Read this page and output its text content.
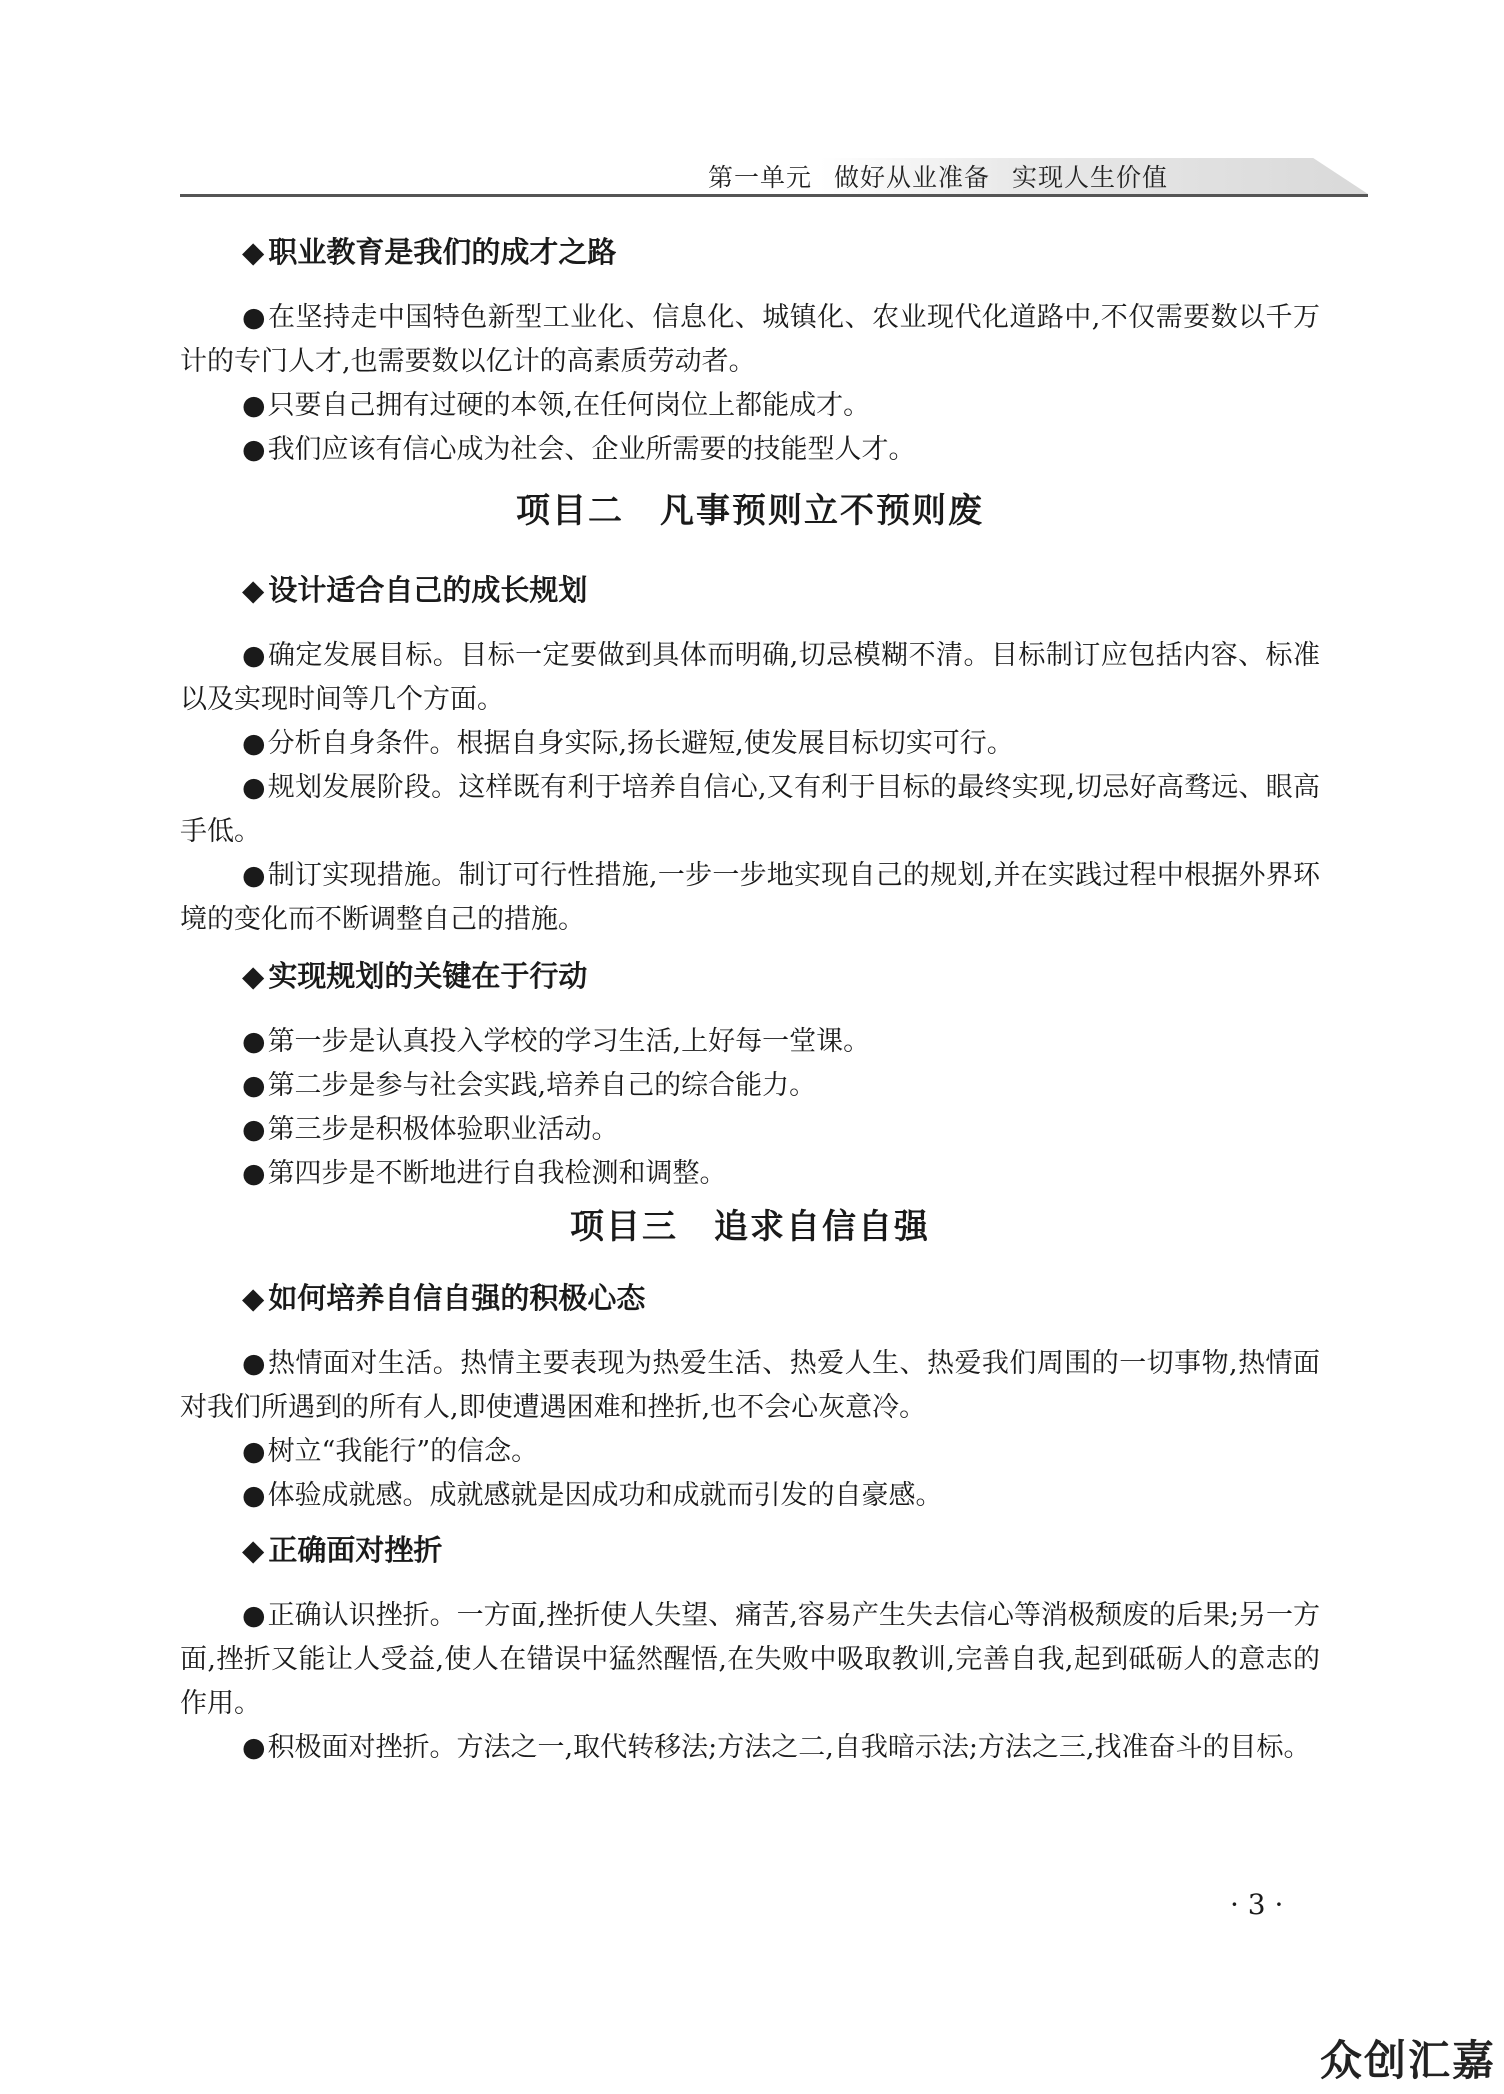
第一单元 做好从业准备 实现人生价值
◆ 职业教育是我们的成才之路

●在坚持走中国特色新型工业化、信息化、城镇化、农业现代化道路中,不仅需要数以千万计的专门人才,也需要数以亿计的高素质劳动者。

●只要自己拥有过硬的本领,在任何岗位上都能成才。

●我们应该有信心成为社会、企业所需要的技能型人才。

项目二 凡事预则立不预则废
◆ 设计适合自己的成长规划

●确定发展目标。目标一定要做到具体而明确,切忌模糊不清。目标制订应包括内容、标准以及实现时间等几个方面。

●分析自身条件。根据自身实际,扬长避短,使发展目标切实可行。

●规划发展阶段。这样既有利于培养自信心,又有利于目标的最终实现,切忌好高骛远、眼高手低。

●制订实现措施。制订可行性措施,一步一步地实现自己的规划,并在实践过程中根据外界环境的变化而不断调整自己的措施。

◆ 实现规划的关键在于行动

●第一步是认真投入学校的学习生活,上好每一堂课。

●第二步是参与社会实践,培养自己的综合能力。

●第三步是积极体验职业活动。

●第四步是不断地进行自我检测和调整。

项目三 追求自信自强
◆ 如何培养自信自强的积极心态

●热情面对生活。热情主要表现为热爱生活、热爱人生、热爱我们周围的一切事物,热情面对我们所遇到的所有人,即使遭遇困难和挫折,也不会心灰意冷。

●树立“我能行”的信念。

●体验成就感。成就感就是因成功和成就而引发的自豪感。

◆ 正确面对挫折

●正确认识挫折。一方面,挫折使人失望、痛苦,容易产生失去信心等消极颓废的后果;另一方面,挫折又能让人受益,使人在错误中猛然醒悟,在失败中吸取教训,完善自我,起到砥砺人的意志的作用。

●积极面对挫折。方法之一,取代转移法;方法之二,自我暗示法;方法之三,找准奋斗的目标。

· 3 ·
众创汇嘉
